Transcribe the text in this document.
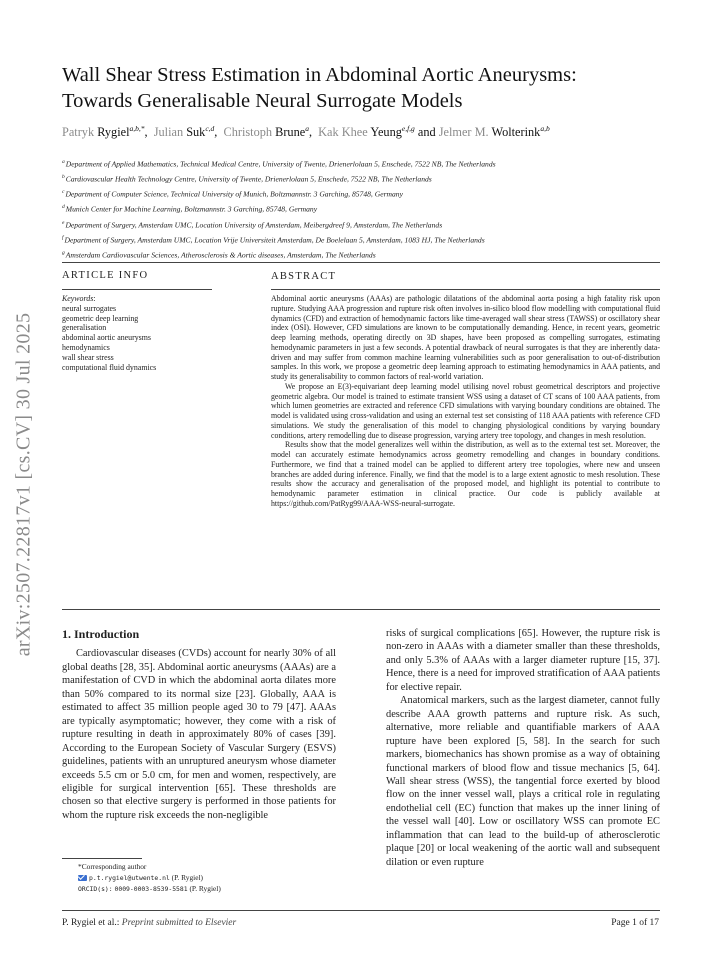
arXiv:2507.22817v1 [cs.CV] 30 Jul 2025
Wall Shear Stress Estimation in Abdominal Aortic Aneurysms:
Towards Generalisable Neural Surrogate Models
Patryk Rygiel$^{a,b,*}$,  Julian Suk$^{c,d}$,  Christoph Brune$^a$,  Kak Khee Yeung$^{e,f,g}$ and Jelmer M. Wolterink$^{a,b}$
$^a$Department of Applied Mathematics, Technical Medical Centre, University of Twente, Drienerlolaan 5, Enschede, 7522 NB, The Netherlands
$^b$Cardiovascular Health Technology Centre, University of Twente, Drienerlolaan 5, Enschede, 7522 NB, The Netherlands
$^c$Department of Computer Science, Technical University of Munich, Boltzmannstr. 3 Garching, 85748, Germany
$^d$Munich Center for Machine Learning, Boltzmannstr. 3 Garching, 85748, Germany
$^e$Department of Surgery, Amsterdam UMC, Location University of Amsterdam, Meibergdreef 9, Amsterdam, The Netherlands
$^f$Department of Surgery, Amsterdam UMC, Location Vrije Universiteit Amsterdam, De Boelelaan 5, Amsterdam, 1083 HJ, The Netherlands
$^g$Amsterdam Cardiovascular Sciences, Atherosclerosis & Aortic diseases, Amsterdam, The Netherlands
ARTICLE INFO	ABSTRACT
Keywords:
neural surrogates
geometric deep learning
generalisation
abdominal aortic aneurysms
hemodynamics
wall shear stress
computational fluid dynamics

Abdominal aortic aneurysms (AAAs) are pathologic dilatations of the abdominal aorta posing a high fatality risk upon rupture. Studying AAA progression and rupture risk often involves in-silico blood flow modelling with computational fluid dynamics (CFD) and extraction of hemodynamic factors like time-averaged wall shear stress (TAWSS) or oscillatory shear index (OSI). However, CFD simulations are known to be computationally demanding. Hence, in recent years, geometric deep learning methods, operating directly on 3D shapes, have been proposed as compelling surrogates, estimating hemodynamic parameters in just a few seconds. A potential drawback of neural surrogates is that they are inherently data-driven and may suffer from common machine learning vulnerabilities such as poor generalisation to out-of-distribution samples. In this work, we propose a geometric deep learning approach to estimating hemodynamics in AAA patients, and study its generalisability to common factors of real-world variation.

We propose an E(3)-equivariant deep learning model utilising novel robust geometrical descriptors and projective geometric algebra. Our model is trained to estimate transient WSS using a dataset of CT scans of 100 AAA patients, from which lumen geometries are extracted and reference CFD simulations with varying boundary conditions are obtained. The model is validated using cross-validation and using an external test set consisting of 118 AAA patients with reference CFD simulations. We study the generalisation of this model to changing physiological conditions by varying boundary conditions, artery remodelling due to disease progression, varying artery tree topology, and changes in mesh resolution.

Results show that the model generalizes well within the distribution, as well as to the external test set. Moreover, the model can accurately estimate hemodynamics across geometry remodelling and changes in boundary conditions. Furthermore, we find that a trained model can be applied to different artery tree topologies, where new and unseen branches are added during inference. Finally, we find that the model is to a large extent agnostic to mesh resolution. These results show the accuracy and generalisation of the proposed model, and highlight its potential to contribute to hemodynamic parameter estimation in clinical practice. Our code is publicly available at https://github.com/PatRyg99/AAA-WSS-neural-surrogate.

1. Introduction

Cardiovascular diseases (CVDs) account for nearly 30% of all global deaths [28, 35]. Abdominal aortic aneurysms (AAAs) are a manifestation of CVD in which the abdominal aorta dilates more than 50% compared to its normal size [23]. Globally, AAA is estimated to affect 35 million people aged 30 to 79 [47]. AAAs are typically asymptomatic; however, they come with a risk of rupture resulting in death in approximately 80% of cases [39]. According to the European Society of Vascular Surgery (ESVS) guidelines, patients with an unruptured aneurysm whose diameter exceeds 5.5 cm or 5.0 cm, for men and women, respectively, are eligible for surgical intervention [65]. These thresholds are chosen so that elective surgery is performed in those patients for whom the rupture risk exceeds the non-negligible

risks of surgical complications [65]. However, the rupture risk is non-zero in AAAs with a diameter smaller than these thresholds, and only 5.3% of AAAs with a larger diameter rupture [15, 37]. Hence, there is a need for improved stratification of AAA patients for elective repair.

Anatomical markers, such as the largest diameter, cannot fully describe AAA growth patterns and rupture risk. As such, alternative, more reliable and quantifiable markers of AAA rupture have been explored [5, 58]. In the search for such markers, biomechanics has shown promise as a way of obtaining functional markers of blood flow and tissue mechanics [5, 64]. Wall shear stress (WSS), the tangential force exerted by blood flow on the inner vessel wall, plays a critical role in regulating endothelial cell (EC) function that makes up the inner lining of the vessel wall [40]. Low or oscillatory WSS can promote EC inflammation that can lead to the build-up of atherosclerotic plaque [20] or local weakening of the aortic wall and subsequent dilation or even rupture

*Corresponding author
p.t.rygiel@utwente.nl (P. Rygiel)
ORCID(s): 0009-0003-8539-5581 (P. Rygiel)
P. Rygiel et al.: Preprint submitted to Elsevier	Page 1 of 17
